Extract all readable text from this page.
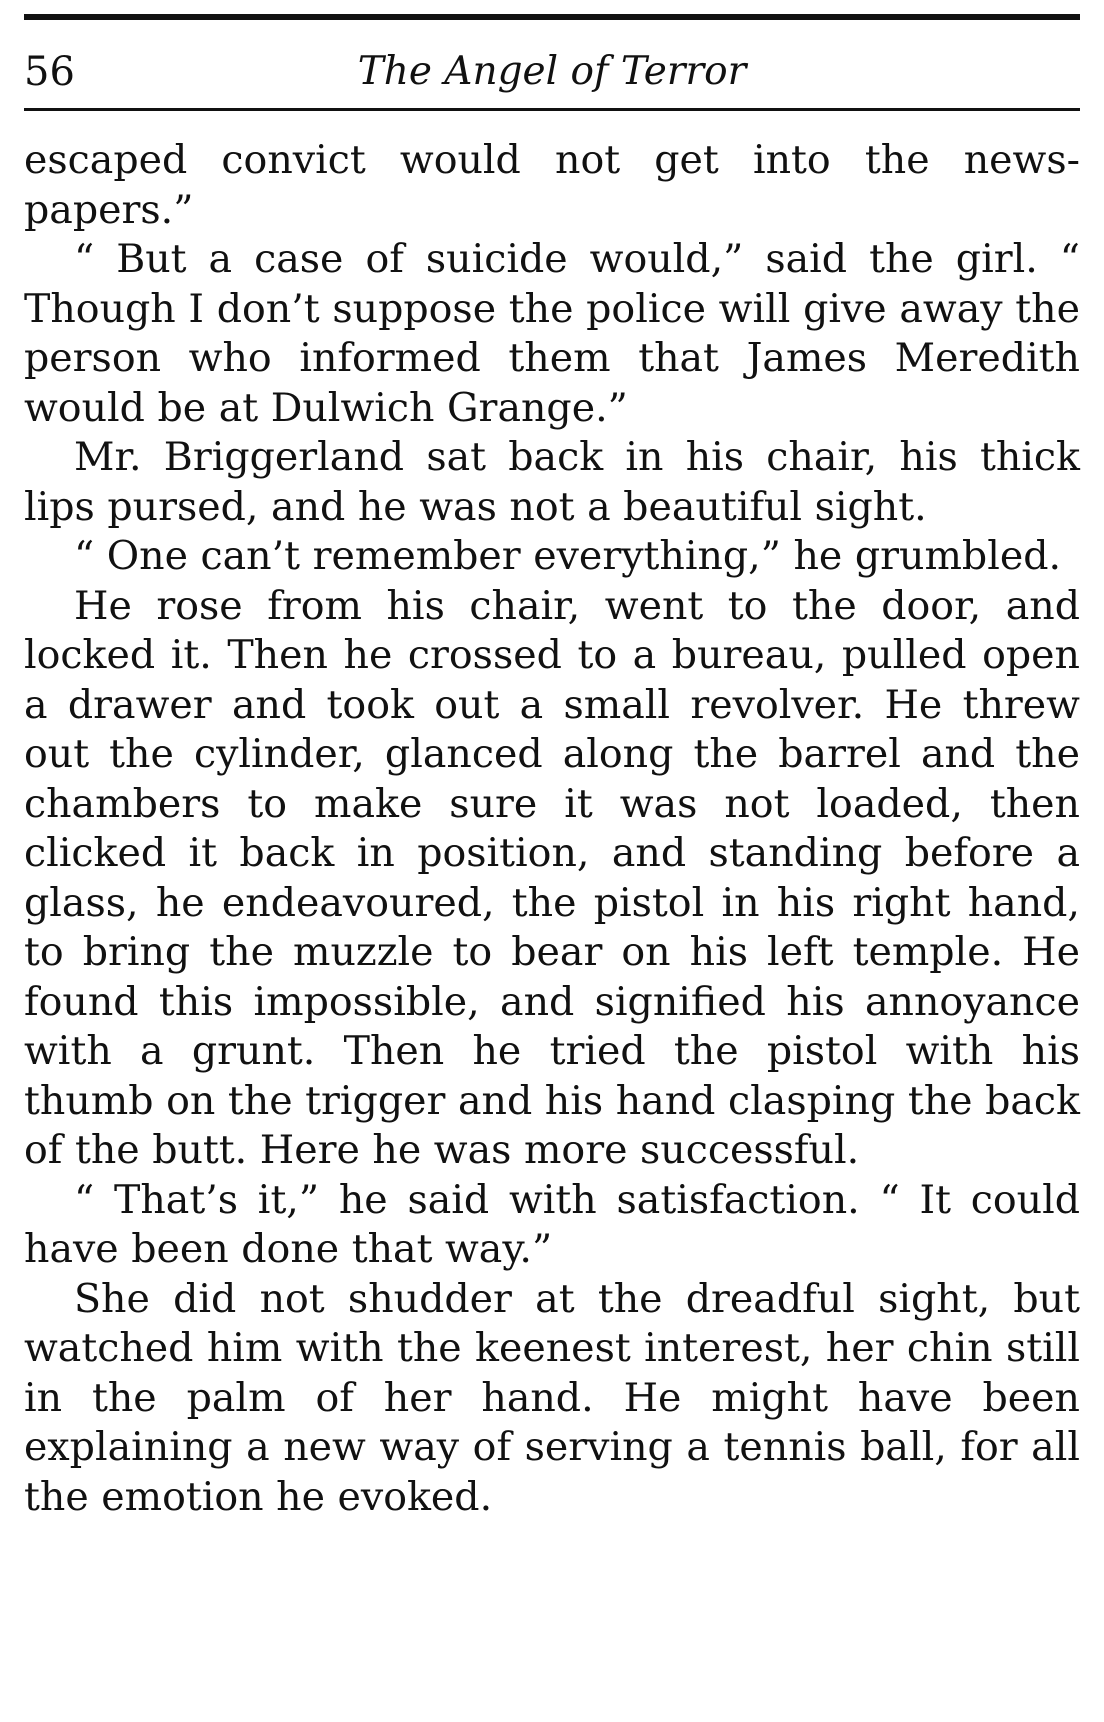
56	The Angel of Terror

escaped convict would not get into the newspapers.”

“ But a case of suicide would,” said the girl. “ Though I don’t suppose the police will give away the person who informed them that James Meredith would be at Dulwich Grange.”

Mr. Briggerland sat back in his chair, his thick lips pursed, and he was not a beautiful sight.

“ One can’t remember everything,” he grumbled.

He rose from his chair, went to the door, and locked it. Then he crossed to a bureau, pulled open a drawer and took out a small revolver. He threw out the cylinder, glanced along the barrel and the chambers to make sure it was not loaded, then clicked it back in position, and standing before a glass, he endeavoured, the pistol in his right hand, to bring the muzzle to bear on his left temple. He found this impossible, and signified his annoyance with a grunt. Then he tried the pistol with his thumb on the trigger and his hand clasping the back of the butt. Here he was more successful.

“ That’s it,” he said with satisfaction. “ It could have been done that way.”

She did not shudder at the dreadful sight, but watched him with the keenest interest, her chin still in the palm of her hand. He might have been explaining a new way of serving a tennis ball, for all the emotion he evoked.
